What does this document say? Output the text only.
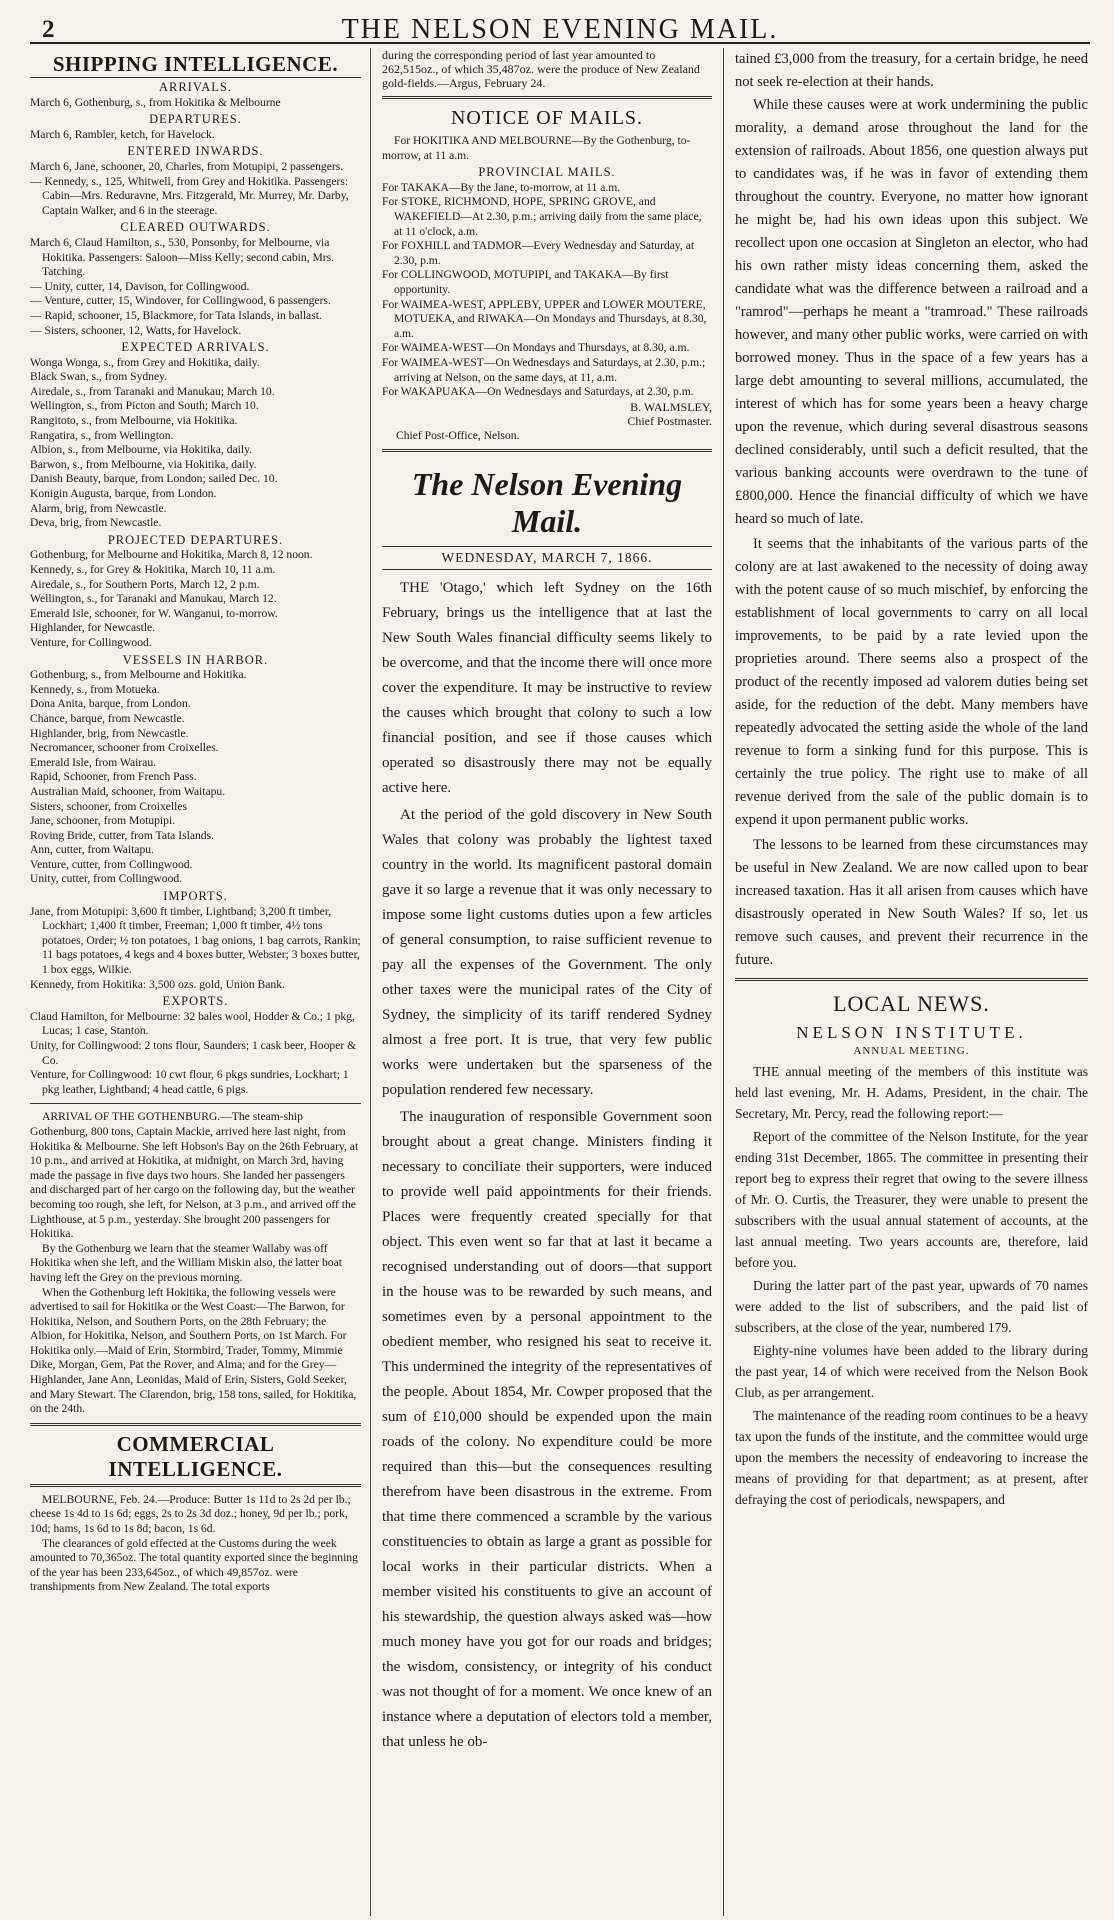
2	THE NELSON EVENING MAIL.
SHIPPING INTELLIGENCE.
ARRIVALS.

March 6, Gothenburg, s., from Hokitika & Melbourne

DEPARTURES.

March 6, Rambler, ketch, for Havelock.

ENTERED INWARDS.

March 6, Jane, schooner, 20, Charles, from Motupipi, 2 passengers.

— Kennedy, s., 125, Whitwell, from Grey and Hokitika. Passengers: Cabin—Mrs. Reduravne, Mrs. Fitzgerald, Mr. Murrey, Mr. Darby, Captain Walker, and 6 in the steerage.

CLEARED OUTWARDS.

March 6, Claud Hamilton, s., 530, Ponsonby, for Melbourne, via Hokitika. Passengers: Saloon—Miss Kelly; second cabin, Mrs. Tatching.

— Unity, cutter, 14, Davison, for Collingwood.

— Venture, cutter, 15, Windover, for Collingwood, 6 passengers.

— Rapid, schooner, 15, Blackmore, for Tata Islands, in ballast.

— Sisters, schooner, 12, Watts, for Havelock.

EXPECTED ARRIVALS.

Wonga Wonga, s., from Grey and Hokitika, daily.

Black Swan, s., from Sydney.

Airedale, s., from Taranaki and Manukau; March 10.

Wellington, s., from Picton and South; March 10.

Rangitoto, s., from Melbourne, via Hokitika.

Rangatira, s., from Wellington.

Albion, s., from Melbourne, via Hokitika, daily.

Barwon, s., from Melbourne, via Hokitika, daily.

Danish Beauty, barque, from London; sailed Dec. 10.

Konigin Augusta, barque, from London.

Alarm, brig, from Newcastle.

Deva, brig, from Newcastle.

PROJECTED DEPARTURES.

Gothenburg, for Melbourne and Hokitika, March 8, 12 noon.

Kennedy, s., for Grey & Hokitika, March 10, 11 a.m.

Airedale, s., for Southern Ports, March 12, 2 p.m.

Wellington, s., for Taranaki and Manukau, March 12.

Emerald Isle, schooner, for W. Wanganui, to-morrow.

Highlander, for Newcastle.

Venture, for Collingwood.

VESSELS IN HARBOR.

Gothenburg, s., from Melbourne and Hokitika.

Kennedy, s., from Motueka.

Dona Anita, barque, from London.

Chance, barque, from Newcastle.

Highlander, brig, from Newcastle.

Necromancer, schooner from Croixelles.

Emerald Isle, from Wairau.

Rapid, Schooner, from French Pass.

Australian Maid, schooner, from Waitapu.

Sisters, schooner, from Croixelles

Jane, schooner, from Motupipi.

Roving Bride, cutter, from Tata Islands.

Ann, cutter, from Waitapu.

Venture, cutter, from Collingwood.

Unity, cutter, from Collingwood.

IMPORTS.

Jane, from Motupipi: 3,600 ft timber, Lightband; 3,200 ft timber, Lockhart; 1,400 ft timber, Freeman; 1,000 ft timber, 4½ tons potatoes, Order; ½ ton potatoes, 1 bag onions, 1 bag carrots, Rankin; 11 bags potatoes, 4 kegs and 4 boxes butter, Webster; 3 boxes butter, 1 box eggs, Wilkie.

Kennedy, from Hokitika: 3,500 ozs. gold, Union Bank.

EXPORTS.

Claud Hamilton, for Melbourne: 32 bales wool, Hodder & Co.; 1 pkg, Lucas; 1 case, Stanton.

Unity, for Collingwood: 2 tons flour, Saunders; 1 cask beer, Hooper & Co.

Venture, for Collingwood: 10 cwt flour, 6 pkgs sundries, Lockhart; 1 pkg leather, Lightband; 4 head cattle, 6 pigs.

ARRIVAL OF THE GOTHENBURG.—The steam-ship Gothenburg, 800 tons, Captain Mackie, arrived here last night, from Hokitika & Melbourne. She left Hobson's Bay on the 26th February, at 10 p.m., and arrived at Hokitika, at midnight, on March 3rd, having made the passage in five days two hours. She landed her passengers and discharged part of her cargo on the following day, but the weather becoming too rough, she left, for Nelson, at 3 p.m., and arrived off the Lighthouse, at 5 p.m., yesterday. She brought 200 passengers for Hokitika.

By the Gothenburg we learn that the steamer Wallaby was off Hokitika when she left, and the William Miskin also, the latter boat having left the Grey on the previous morning.

When the Gothenburg left Hokitika, the following vessels were advertised to sail for Hokitika or the West Coast:—The Barwon, for Hokitika, Nelson, and Southern Ports, on the 28th February; the Albion, for Hokitika, Nelson, and Southern Ports, on 1st March. For Hokitika only.—Maid of Erin, Stormbird, Trader, Tommy, Mimmie Dike, Morgan, Gem, Pat the Rover, and Alma; and for the Grey—Highlander, Jane Ann, Leonidas, Maid of Erin, Sisters, Gold Seeker, and Mary Stewart. The Clarendon, brig, 158 tons, sailed, for Hokitika, on the 24th.

COMMERCIAL INTELLIGENCE.

MELBOURNE, Feb. 24.—Produce: Butter 1s 11d to 2s 2d per lb.; cheese 1s 4d to 1s 6d; eggs, 2s to 2s 3d doz.; honey, 9d per lb.; pork, 10d; hams, 1s 6d to 1s 8d; bacon, 1s 6d.

The clearances of gold effected at the Customs during the week amounted to 70,365oz. The total quantity exported since the beginning of the year has been 233,645oz., of which 49,857oz. were transhipments from New Zealand. The total exports

during the corresponding period of last year amounted to 262,515oz., of which 35,487oz. were the produce of New Zealand gold-fields.—Argus, February 24.
NOTICE OF MAILS.

For HOKITIKA AND MELBOURNE—By the Gothenburg, to-morrow, at 11 a.m.

PROVINCIAL MAILS.

For TAKAKA—By the Jane, to-morrow, at 11 a.m.

For STOKE, RICHMOND, HOPE, SPRING GROVE, and WAKEFIELD—At 2.30, p.m.; arriving daily from the same place, at 11 o'clock, a.m.

For FOXHILL and TADMOR—Every Wednesday and Saturday, at 2.30, p.m.

For COLLINGWOOD, MOTUPIPI, and TAKAKA—By first opportunity.

For WAIMEA-WEST, APPLEBY, UPPER and LOWER MOUTERE, MOTUEKA, and RIWAKA—On Mondays and Thursdays, at 8.30, a.m.

For WAIMEA-WEST—On Mondays and Thursdays, at 8.30, a.m.

For WAIMEA-WEST—On Wednesdays and Saturdays, at 2.30, p.m.; arriving at Nelson, on the same days, at 11, a.m.

For WAKAPUAKA—On Wednesdays and Saturdays, at 2.30, p.m.

B. WALMSLEY,
Chief Postmaster.
Chief Post-Office, Nelson.
The Nelson Evening Mail.
WEDNESDAY, MARCH 7, 1866.

THE 'Otago,' which left Sydney on the 16th February, brings us the intelligence that at last the New South Wales financial difficulty seems likely to be overcome, and that the income there will once more cover the expenditure. It may be instructive to review the causes which brought that colony to such a low financial position, and see if those causes which operated so disastrously there may not be equally active here.

At the period of the gold discovery in New South Wales that colony was probably the lightest taxed country in the world. Its magnificent pastoral domain gave it so large a revenue that it was only necessary to impose some light customs duties upon a few articles of general consumption, to raise sufficient revenue to pay all the expenses of the Government. The only other taxes were the municipal rates of the City of Sydney, the simplicity of its tariff rendered Sydney almost a free port. It is true, that very few public works were undertaken but the sparseness of the population rendered few necessary.

The inauguration of responsible Government soon brought about a great change. Ministers finding it necessary to conciliate their supporters, were induced to provide well paid appointments for their friends. Places were frequently created specially for that object. This even went so far that at last it became a recognised understanding out of doors—that support in the house was to be rewarded by such means, and sometimes even by a personal appointment to the obedient member, who resigned his seat to receive it. This undermined the integrity of the representatives of the people. About 1854, Mr. Cowper proposed that the sum of £10,000 should be expended upon the main roads of the colony. No expenditure could be more required than this—but the consequences resulting therefrom have been disastrous in the extreme. From that time there commenced a scramble by the various constituencies to obtain as large a grant as possible for local works in their particular districts. When a member visited his constituents to give an account of his stewardship, the question always asked was—how much money have you got for our roads and bridges; the wisdom, consistency, or integrity of his conduct was not thought of for a moment. We once knew of an instance where a deputation of electors told a member, that unless he ob-

tained £3,000 from the treasury, for a certain bridge, he need not seek re-election at their hands.

While these causes were at work undermining the public morality, a demand arose throughout the land for the extension of railroads. About 1856, one question always put to candidates was, if he was in favor of extending them throughout the country. Everyone, no matter how ignorant he might be, had his own ideas upon this subject. We recollect upon one occasion at Singleton an elector, who had his own rather misty ideas concerning them, asked the candidate what was the difference between a railroad and a "ramrod"—perhaps he meant a "tramroad." These railroads however, and many other public works, were carried on with borrowed money. Thus in the space of a few years has a large debt amounting to several millions, accumulated, the interest of which has for some years been a heavy charge upon the revenue, which during several disastrous seasons declined considerably, until such a deficit resulted, that the various banking accounts were overdrawn to the tune of £800,000. Hence the financial difficulty of which we have heard so much of late.

It seems that the inhabitants of the various parts of the colony are at last awakened to the necessity of doing away with the potent cause of so much mischief, by enforcing the establishment of local governments to carry on all local improvements, to be paid by a rate levied upon the proprieties around. There seems also a prospect of the product of the recently imposed ad valorem duties being set aside, for the reduction of the debt. Many members have repeatedly advocated the setting aside the whole of the land revenue to form a sinking fund for this purpose. This is certainly the true policy. The right use to make of all revenue derived from the sale of the public domain is to expend it upon permanent public works.

The lessons to be learned from these circumstances may be useful in New Zealand. We are now called upon to bear increased taxation. Has it all arisen from causes which have disastrously operated in New South Wales? If so, let us remove such causes, and prevent their recurrence in the future.

LOCAL NEWS.
NELSON INSTITUTE.
ANNUAL MEETING.

THE annual meeting of the members of this institute was held last evening, Mr. H. Adams, President, in the chair. The Secretary, Mr. Percy, read the following report:—

Report of the committee of the Nelson Institute, for the year ending 31st December, 1865. The committee in presenting their report beg to express their regret that owing to the severe illness of Mr. O. Curtis, the Treasurer, they were unable to present the subscribers with the usual annual statement of accounts, at the last annual meeting. Two years accounts are, therefore, laid before you.

During the latter part of the past year, upwards of 70 names were added to the list of subscribers, and the paid list of subscribers, at the close of the year, numbered 179.

Eighty-nine volumes have been added to the library during the past year, 14 of which were received from the Nelson Book Club, as per arrangement.

The maintenance of the reading room continues to be a heavy tax upon the funds of the institute, and the committee would urge upon the members the necessity of endeavoring to increase the means of providing for that department; as at present, after defraying the cost of periodicals, newspapers, and
